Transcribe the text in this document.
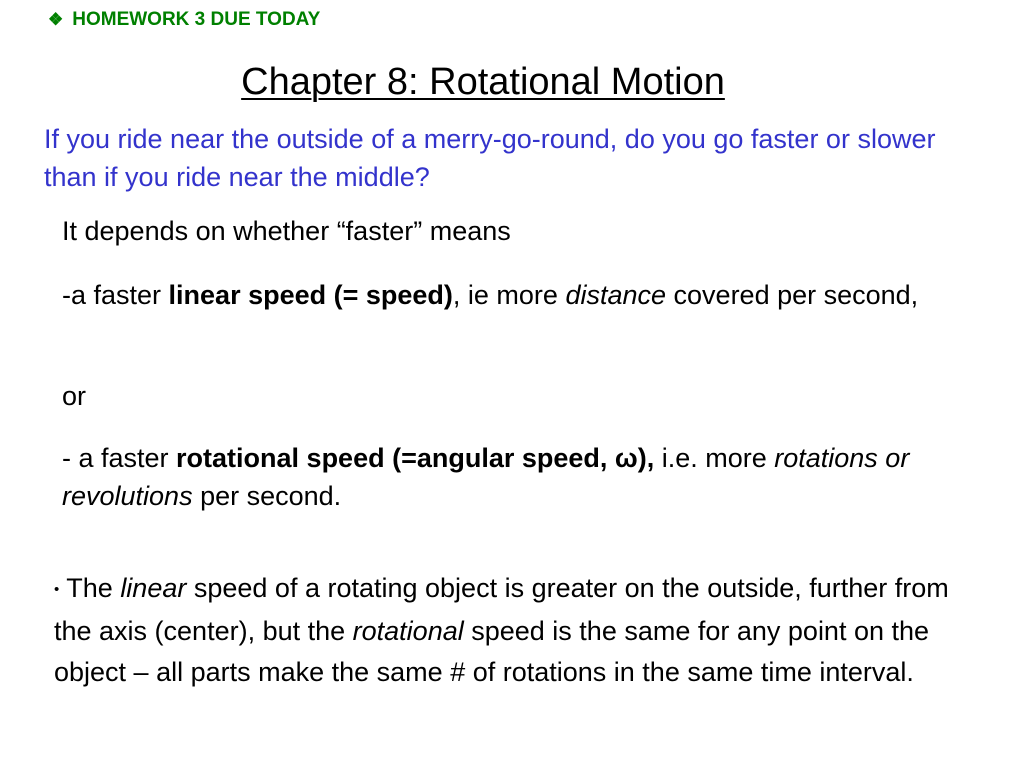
❖ HOMEWORK 3 DUE TODAY
Chapter 8: Rotational Motion
If you ride near the outside of a merry-go-round, do you go faster or slower than if you ride near the middle?
It depends on whether “faster” means
-a faster linear speed (= speed), ie more distance covered per second,
or
- a faster rotational speed (=angular speed, ω), i.e. more rotations or revolutions per second.
• The linear speed of a rotating object is greater on the outside, further from the axis (center), but the rotational speed is the same for any point on the object – all parts make the same # of rotations in the same time interval.
